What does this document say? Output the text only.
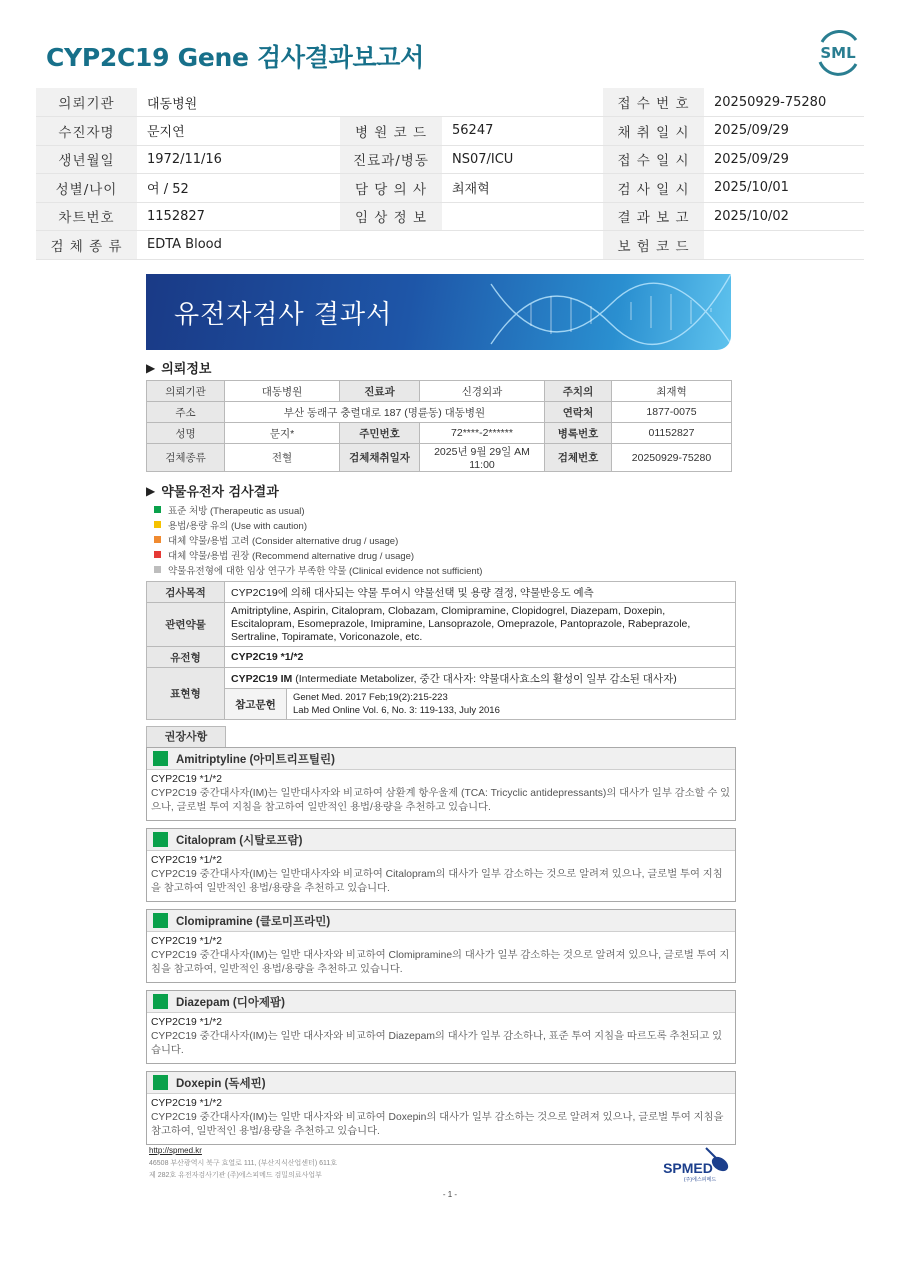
CYP2C19 Gene 검사결과보고서	SML
의뢰기관	대동병원			접 수 번 호	20250929-75280
수진자명	문지연	병 원 코 드	56247	채 취 일 시	2025/09/29
생년월일	1972/11/16	진료과/병동	NS07/ICU	접 수 일 시	2025/09/29
성별/나이	여 / 52	담 당 의 사	최재혁	검 사 일 시	2025/10/01
차트번호	1152827	임 상 정 보		결 과 보 고	2025/10/02
검 체 종 류	EDTA Blood			보 험 코 드	
유전자검사 결과서
▶ 의뢰정보
의뢰기관	대동병원	진료과	신경외과	주치의	최재혁
주소	부산 동래구 충렬대로 187 (명륜동) 대동병원			연락처	1877-0075
성명	문지*	주민번호	72****-2******	병록번호	01152827
검체종류	전혈	검체채취일자	2025년 9월 29일 AM 11:00	검체번호	20250929-75280
▶ 약물유전자 검사결과
표준 처방 (Therapeutic as usual)
용법/용량 유의 (Use with caution)
대체 약물/용법 고려 (Consider alternative drug / usage)
대체 약물/용법 권장 (Recommend alternative drug / usage)
약물유전형에 대한 임상 연구가 부족한 약물 (Clinical evidence not sufficient)
검사목적	CYP2C19에 의해 대사되는 약물 투여시 약물선택 및 용량 결정, 약물반응도 예측	
관련약물	Amitriptyline, Aspirin, Citalopram, Clobazam, Clomipramine, Clopidogrel, Diazepam, Doxepin, Escitalopram, Esomeprazole, Imipramine, Lansoprazole, Omeprazole, Pantoprazole, Rabeprazole, Sertraline, Topiramate, Voriconazole, etc.	
유전형	CYP2C19 *1/*2	
표현형	CYP2C19 IM (Intermediate Metabolizer, 중간 대사자: 약물대사효소의 활성이 일부 감소된 대사자)	
	참고문헌	Genet Med. 2017 Feb;19(2):215-223
Lab Med Online Vol. 6, No. 3: 119-133, July 2016
권장사항
Amitriptyline (아미트리프틸린)
CYP2C19 *1/*2
CYP2C19 중간대사자(IM)는 일반대사자와 비교하여 삼환계 항우울제 (TCA: Tricyclic antidepressants)의 대사가 일부 감소할 수 있으나, 글로벌 투여 지침을 참고하여 일반적인 용법/용량을 추천하고 있습니다.
Citalopram (시탈로프람)
CYP2C19 *1/*2
CYP2C19 중간대사자(IM)는 일반대사자와 비교하여 Citalopram의 대사가 일부 감소하는 것으로 알려져 있으나, 글로벌 투여 지침을 참고하여 일반적인 용법/용량을 추천하고 있습니다.
Clomipramine (클로미프라민)
CYP2C19 *1/*2
CYP2C19 중간대사자(IM)는 일반 대사자와 비교하여 Clomipramine의 대사가 일부 감소하는 것으로 알려져 있으나, 글로벌 투여 지침을 참고하여, 일반적인 용법/용량을 추천하고 있습니다.
Diazepam (디아제팜)
CYP2C19 *1/*2
CYP2C19 중간대사자(IM)는 일반 대사자와 비교하여 Diazepam의 대사가 일부 감소하나, 표준 투여 지침을 따르도록 추천되고 있습니다.
Doxepin (독세핀)
CYP2C19 *1/*2
CYP2C19 중간대사자(IM)는 일반 대사자와 비교하여 Doxepin의 대사가 일부 감소하는 것으로 알려져 있으나, 글로벌 투여 지침을 참고하여, 일반적인 용법/용량을 추천하고 있습니다.
http://spmed.kr
46508 부산광역시 북구 효열로 111, (부산지식산업센터) 611호
제 282호 유전자검사기관 (주)에스피메드 검밀의료사업부	SPMED
(주)에스피메드
- 1 -
